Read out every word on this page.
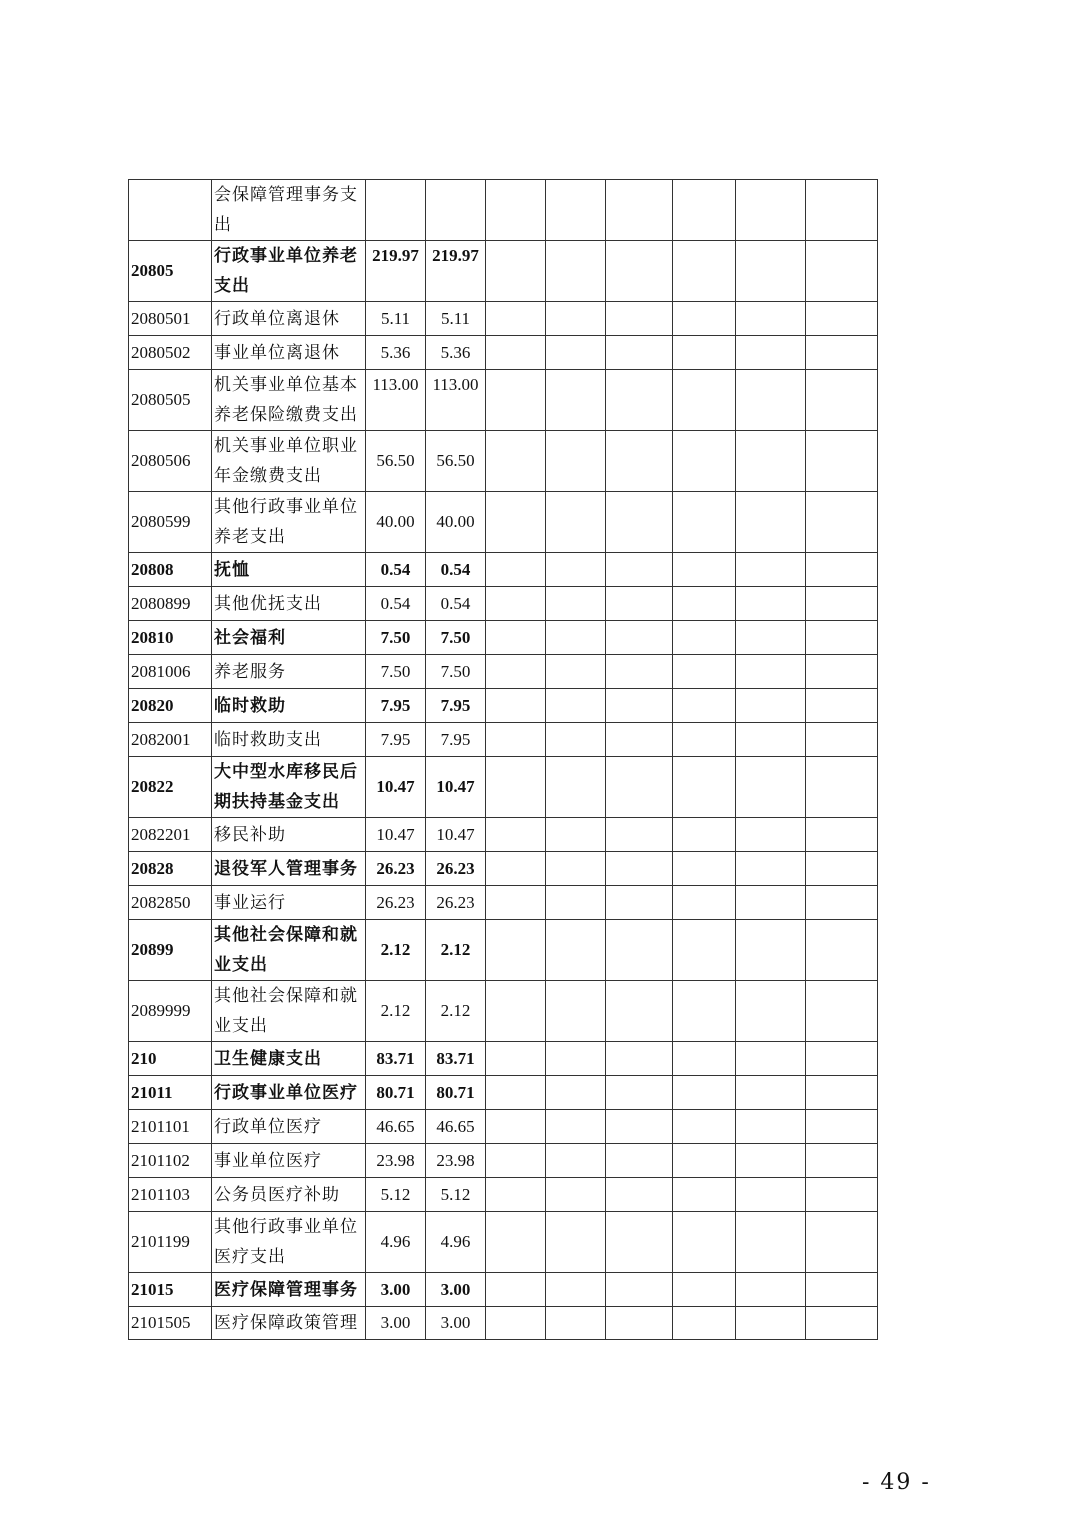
	会保障管理事务支出								
20805	行政事业单位养老支出	219.97	219.97						
2080501	行政单位离退休	5.11	5.11						
2080502	事业单位离退休	5.36	5.36						
2080505	机关事业单位基本养老保险缴费支出	113.00	113.00						
2080506	机关事业单位职业年金缴费支出	56.50	56.50						
2080599	其他行政事业单位养老支出	40.00	40.00						
20808	抚恤	0.54	0.54						
2080899	其他优抚支出	0.54	0.54						
20810	社会福利	7.50	7.50						
2081006	养老服务	7.50	7.50						
20820	临时救助	7.95	7.95						
2082001	临时救助支出	7.95	7.95						
20822	大中型水库移民后期扶持基金支出	10.47	10.47						
2082201	移民补助	10.47	10.47						
20828	退役军人管理事务	26.23	26.23						
2082850	事业运行	26.23	26.23						
20899	其他社会保障和就业支出	2.12	2.12						
2089999	其他社会保障和就业支出	2.12	2.12						
210	卫生健康支出	83.71	83.71						
21011	行政事业单位医疗	80.71	80.71						
2101101	行政单位医疗	46.65	46.65						
2101102	事业单位医疗	23.98	23.98						
2101103	公务员医疗补助	5.12	5.12						
2101199	其他行政事业单位医疗支出	4.96	4.96						
21015	医疗保障管理事务	3.00	3.00						
2101505	医疗保障政策管理	3.00	3.00						
- 49 -
